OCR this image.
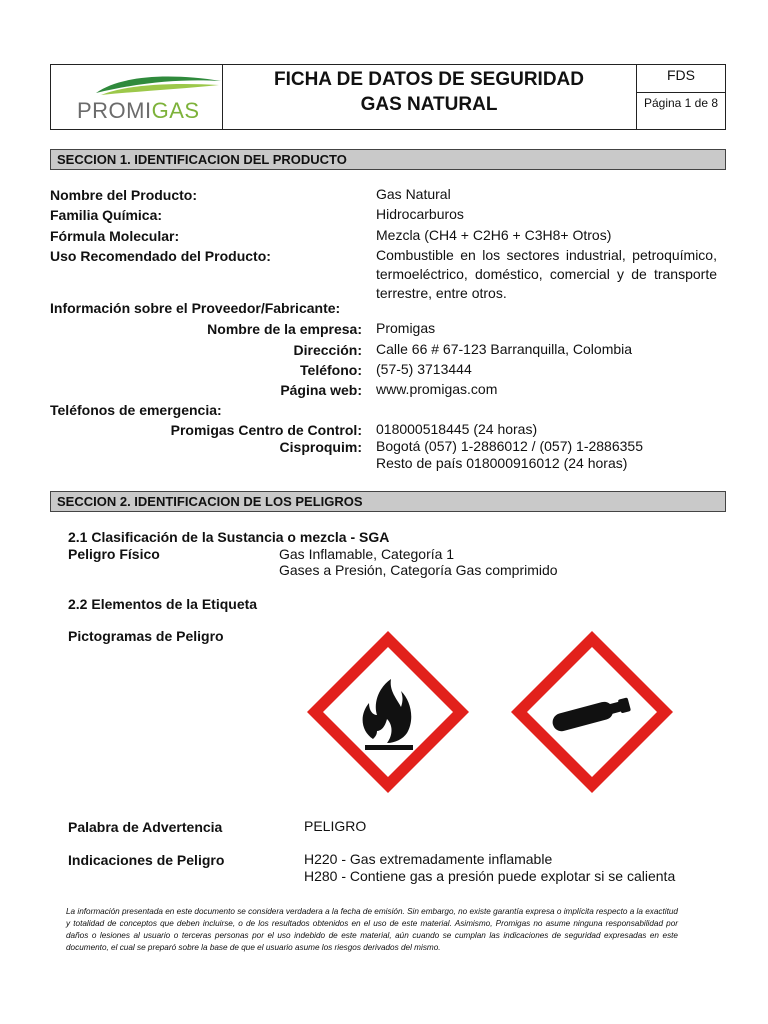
PROMIGAS
FICHA DE DATOS DE SEGURIDAD
GAS NATURAL
FDS
Página 1 de 8
SECCION 1. IDENTIFICACION DEL PRODUCTO
Nombre del Producto:	Gas Natural
Familia Química:	Hidrocarburos
Fórmula Molecular:	Mezcla (CH4 + C2H6 + C3H8+ Otros)
Uso Recomendado del Producto:	Combustible en los sectores industrial, petroquímico, termoeléctrico, doméstico, comercial y de transporte terrestre, entre otros.
Información sobre el Proveedor/Fabricante:
Nombre de la empresa: Promigas
Dirección: Calle 66 # 67-123 Barranquilla, Colombia
Teléfono: (57-5) 3713444
Página web: www.promigas.com
Teléfonos de emergencia:
Promigas Centro de Control: 018000518445 (24 horas)
Cisproquim: Bogotá (057) 1-2886012 / (057) 1-2886355
Resto de país 018000916012 (24 horas)
SECCION 2. IDENTIFICACION DE LOS PELIGROS
2.1 Clasificación de la Sustancia o mezcla - SGA
Peligro Físico	Gas Inflamable, Categoría 1
Gases a Presión, Categoría Gas comprimido
2.2 Elementos de la Etiqueta
Pictogramas de Peligro
Palabra de Advertencia	PELIGRO
Indicaciones de Peligro	H220 - Gas extremadamente inflamable
H280 - Contiene gas a presión puede explotar si se calienta
La información presentada en este documento se considera verdadera a la fecha de emisión. Sin embargo, no existe garantía expresa o implícita respecto a la exactitud y totalidad de conceptos que deben incluirse, o de los resultados obtenidos en el uso de este material. Asimismo, Promigas no asume ninguna responsabilidad por daños o lesiones al usuario o terceras personas por el uso indebido de este material, aún cuando se cumplan las indicaciones de seguridad expresadas en este documento, el cual se preparó sobre la base de que el usuario asume los riesgos derivados del mismo.
